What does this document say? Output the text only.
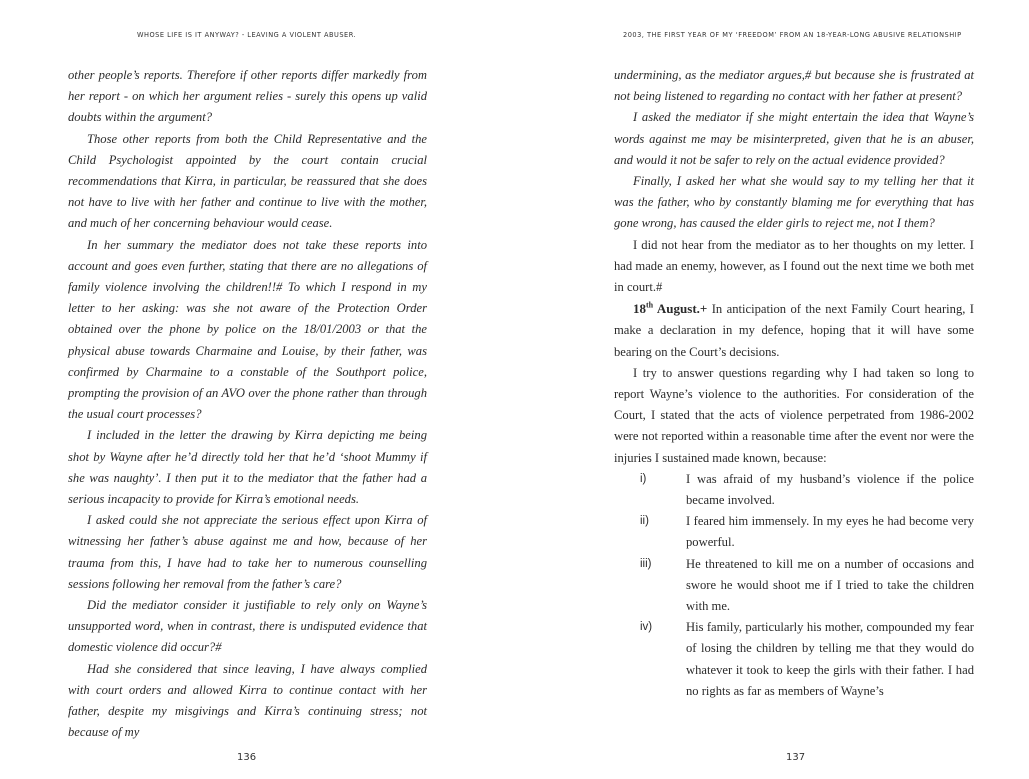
WHOSE LIFE IS IT ANYWAY? - LEAVING A VIOLENT ABUSER.

other people’s reports. Therefore if other reports differ markedly from her report - on which her argument relies - surely this opens up valid doubts within the argument?

Those other reports from both the Child Representative and the Child Psychologist appointed by the court contain crucial recommendations that Kirra, in particular, be reassured that she does not have to live with her father and continue to live with the mother, and much of her concerning behaviour would cease.

In her summary the mediator does not take these reports into account and goes even further, stating that there are no allegations of family violence involving the children!!# To which I respond in my letter to her asking: was she not aware of the Protection Order obtained over the phone by police on the 18/01/2003 or that the physical abuse towards Charmaine and Louise, by their father, was confirmed by Charmaine to a constable of the Southport police, prompting the provision of an AVO over the phone rather than through the usual court processes?

I included in the letter the drawing by Kirra depicting me being shot by Wayne after he’d directly told her that he’d ‘shoot Mummy if she was naughty’. I then put it to the mediator that the father had a serious incapacity to provide for Kirra’s emotional needs.

I asked could she not appreciate the serious effect upon Kirra of witnessing her father’s abuse against me and how, because of her trauma from this, I have had to take her to numerous counselling sessions following her removal from the father’s care?

Did the mediator consider it justifiable to rely only on Wayne’s unsupported word, when in contrast, there is undisputed evidence that domestic violence did occur?#

Had she considered that since leaving, I have always complied with court orders and allowed Kirra to continue contact with her father, despite my misgivings and Kirra’s continuing stress; not because of my

136
2003, THE FIRST YEAR OF MY ‘FREEDOM’ FROM AN 18-YEAR-LONG ABUSIVE RELATIONSHIP

undermining, as the mediator argues,# but because she is frustrated at not being listened to regarding no contact with her father at present?

I asked the mediator if she might entertain the idea that Wayne’s words against me may be misinterpreted, given that he is an abuser, and would it not be safer to rely on the actual evidence provided?

Finally, I asked her what she would say to my telling her that it was the father, who by constantly blaming me for everything that has gone wrong, has caused the elder girls to reject me, not I them?

I did not hear from the mediator as to her thoughts on my letter. I had made an enemy, however, as I found out the next time we both met in court.#

18th August.+ In anticipation of the next Family Court hearing, I make a declaration in my defence, hoping that it will have some bearing on the Court’s decisions.

I try to answer questions regarding why I had taken so long to report Wayne’s violence to the authorities. For consideration of the Court, I stated that the acts of violence perpetrated from 1986-2002 were not reported within a reasonable time after the event nor were the injuries I sustained made known, because:

i)	I was afraid of my husband’s violence if the police became involved.
ii)	I feared him immensely. In my eyes he had become very powerful.
iii)	He threatened to kill me on a number of occasions and swore he would shoot me if I tried to take the children with me.
iv)	His family, particularly his mother, compounded my fear of losing the children by telling me that they would do whatever it took to keep the girls with their father. I had no rights as far as members of Wayne’s
137
